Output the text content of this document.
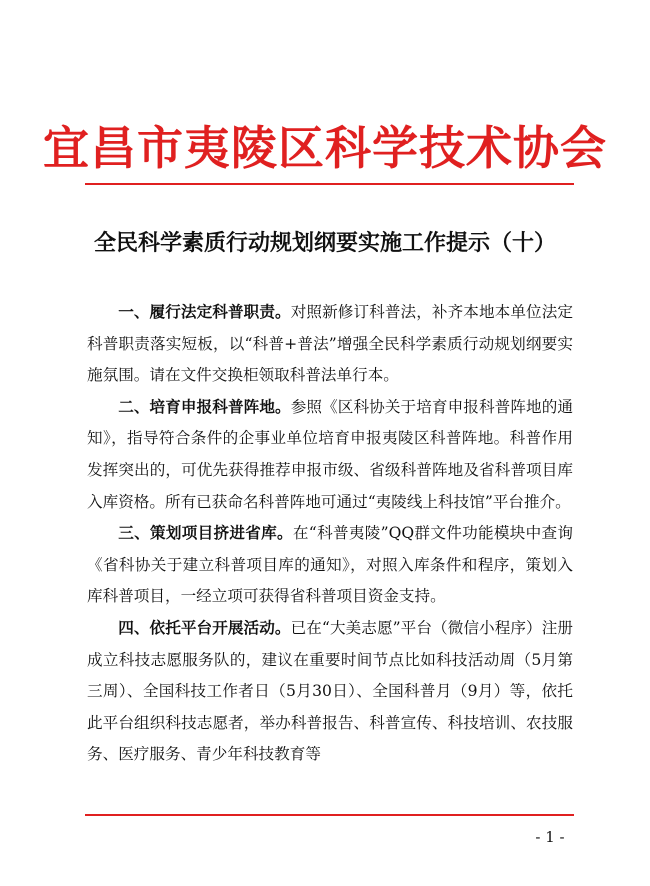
宜昌市夷陵区科学技术协会
全民科学素质行动规划纲要实施工作提示（十）

一、履行法定科普职责。对照新修订科普法，补齐本地本单位法定科普职责落实短板，以“科普+普法”增强全民科学素质行动规划纲要实施氛围。请在文件交换柜领取科普法单行本。

二、培育申报科普阵地。参照《区科协关于培育申报科普阵地的通知》，指导符合条件的企事业单位培育申报夷陵区科普阵地。科普作用发挥突出的，可优先获得推荐申报市级、省级科普阵地及省科普项目库入库资格。所有已获命名科普阵地可通过“夷陵线上科技馆”平台推介。

三、策划项目挤进省库。在“科普夷陵”QQ群文件功能模块中查询《省科协关于建立科普项目库的通知》，对照入库条件和程序，策划入库科普项目，一经立项可获得省科普项目资金支持。

四、依托平台开展活动。已在“大美志愿”平台（微信小程序）注册成立科技志愿服务队的，建议在重要时间节点比如科技活动周（5月第三周）、全国科技工作者日（5月30日）、全国科普月（9月）等，依托此平台组织科技志愿者，举办科普报告、科普宣传、科技培训、农技服务、医疗服务、青少年科技教育等

- 1 -
